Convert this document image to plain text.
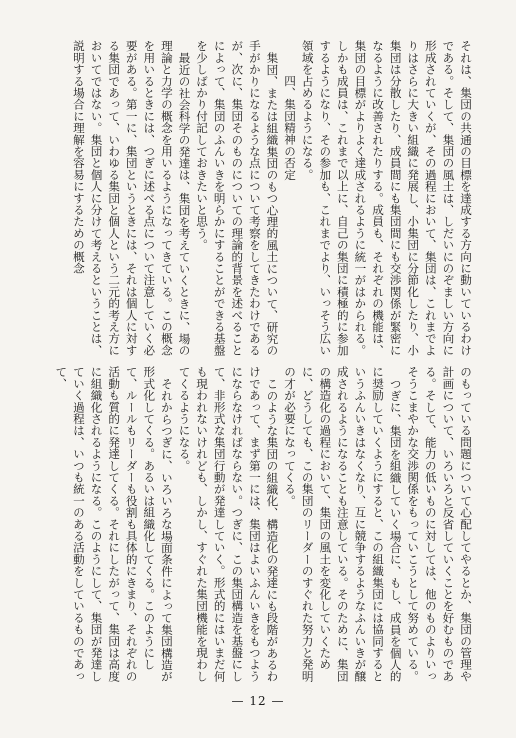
それは、集団の共通の目標を達成する方向に動いているわけである。そして、集団の風土は、しだいにのぞましい方向に形成されていくが、その過程において、集団は、これまでよりはさらに大きい組織に発展し、小集団に分節化したり、小集団は分散したり、成員間にも集団間にも交渉関係が緊密になるように改善されたりする。成員も、それぞれの機能は、集団の目標がよりよく達成されるように統一がはかられる。しかも成員は、これまで以上に、自己の集団に積極的に参加するようになり、その参加も、これまでより、いっそう広い領域を占めるようになる。
四、集団精神の否定
集団、または組織集団のもつ心理的風土について、研究の手がかりになるような点について考察をしてきたわけであるが、次に、集団そのものについての理論的背景を述べることによって、集団のふんいきを明らかにすることができる基盤を少しばかり付記しておきたいと思う。
最近の社会科学の発達は、集団を考えていくときに、場の理論と力学の概念を用いるようになってきている。この概念を用いるときには、つぎに述べる点について注意していく必要がある。第一に、集団というときには、それは個人に対する集団であって、いわゆる集団と個人という二元的考え方においてではない。集団と個人に分けて考えるということは、説明する場合に理解を容易にするための概念
のもっている問題について心配してやるとか、集団の管理や計画について、いろいろと反省していくことを好むものである。そして、能力の低いものに対しては、他のものよりいっそうこまやかな交渉関係をもっていこうとして努めている。
つぎに、集団を組織していく場合に、もし、成員を個人的に奨励していくようにすると、この組織集団には協同するというふんいきはなくなり、互に競争するようなふんいきが醸成されるようになることも注意している。そのために、集団の構造化の過程において、集団の風土を変化していくために、どうしても、この集団のリーダーのすぐれた努力と発明の才が必要になってくる。
このような集団の組織化、構造化の発達にも段階があるわけであって、まず第一には、集団はよいふんいきをもつようにならなければならない。つぎに、この集団構造を基盤にして、非形式な集団行動が発達していく。形式的にはいまだ何も現われないけれども、しかし、すぐれた集団機能を現わしてくるようになる。
それからつぎに、いろいろな場面条件によって集団構造が形式化してくる。あるいは組織化してくる。このようにして、ルールもリーダーも役割も具体的にきまり、それぞれの活動も質的に発達してくる。それにしたがって、集団は高度に組織化されるようになる。このようにして、集団が発達していく過程は、いつも統一のある活動をしているものであって、
— 12 —
